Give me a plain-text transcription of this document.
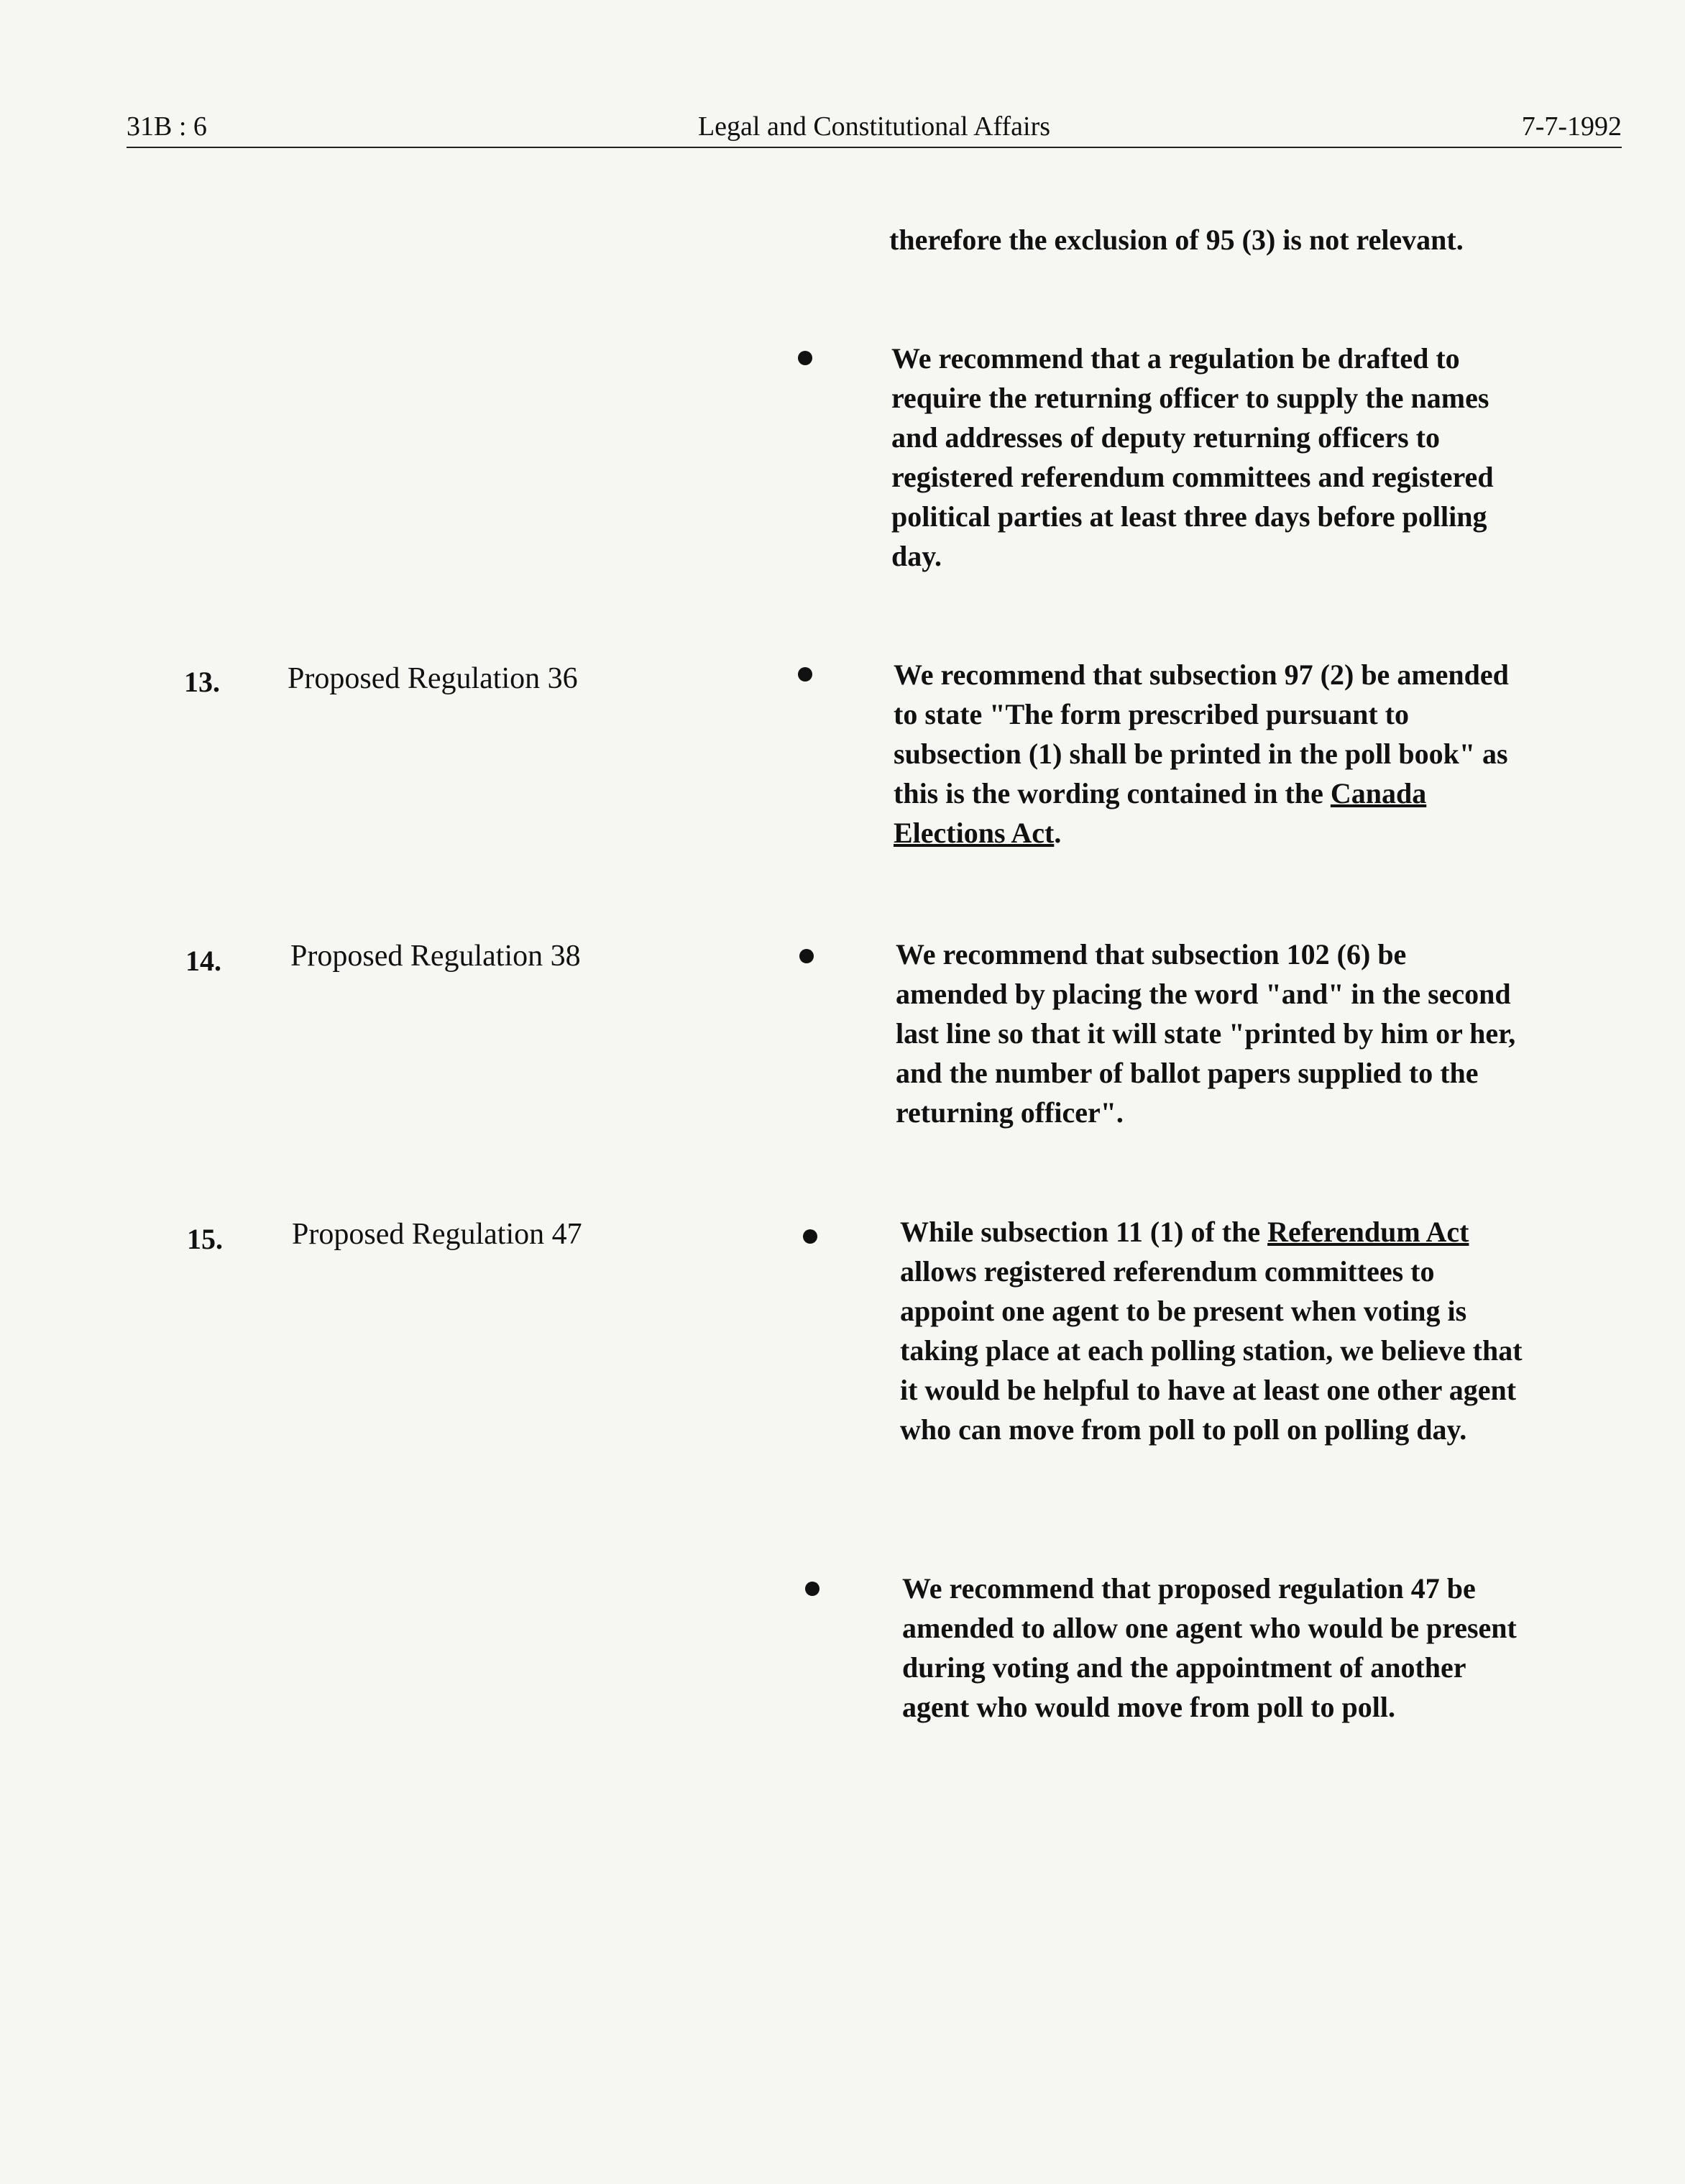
31B : 6	Legal and Constitutional Affairs	7-7-1992

therefore the exclusion of 95 (3) is not relevant.

We recommend that a regulation be drafted to require the returning officer to supply the names and addresses of deputy returning officers to registered referendum committees and registered political parties at least three days before polling day.

13. Proposed Regulation 36	We recommend that subsection 97 (2) be amended to state "The form prescribed pursuant to subsection (1) shall be printed in the poll book" as this is the wording contained in the Canada Elections Act.

14. Proposed Regulation 38	We recommend that subsection 102 (6) be amended by placing the word "and" in the second last line so that it will state "printed by him or her, and the number of ballot papers supplied to the returning officer".

15. Proposed Regulation 47	While subsection 11 (1) of the Referendum Act allows registered referendum committees to appoint one agent to be present when voting is taking place at each polling station, we believe that it would be helpful to have at least one other agent who can move from poll to poll on polling day.

We recommend that proposed regulation 47 be amended to allow one agent who would be present during voting and the appointment of another agent who would move from poll to poll.
